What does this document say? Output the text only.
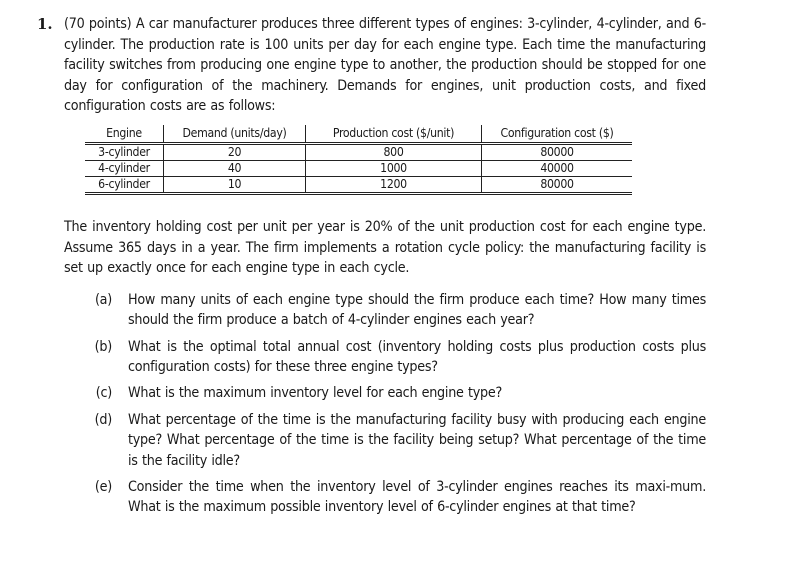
1. (70 points) A car manufacturer produces three different types of engines: 3-cylinder, 4-cylinder, and 6-cylinder. The production rate is 100 units per day for each engine type. Each time the manufacturing facility switches from producing one engine type to another, the production should be stopped for one day for configuration of the machinery. Demands for engines, unit production costs, and fixed configuration costs are as follows:

Engine	Demand (units/day)	Production cost ($/unit)	Configuration cost ($)
3-cylinder	20	800	80000
4-cylinder	40	1000	40000
6-cylinder	10	1200	80000

The inventory holding cost per unit per year is 20% of the unit production cost for each engine type. Assume 365 days in a year. The firm implements a rotation cycle policy: the manufacturing facility is set up exactly once for each engine type in each cycle.

(a) How many units of each engine type should the firm produce each time? How many times should the firm produce a batch of 4-cylinder engines each year?
(b) What is the optimal total annual cost (inventory holding costs plus production costs plus configuration costs) for these three engine types?
(c) What is the maximum inventory level for each engine type?
(d) What percentage of the time is the manufacturing facility busy with producing each engine type? What percentage of the time is the facility being setup? What percentage of the time is the facility idle?
(e) Consider the time when the inventory level of 3-cylinder engines reaches its maxi-mum. What is the maximum possible inventory level of 6-cylinder engines at that time?
